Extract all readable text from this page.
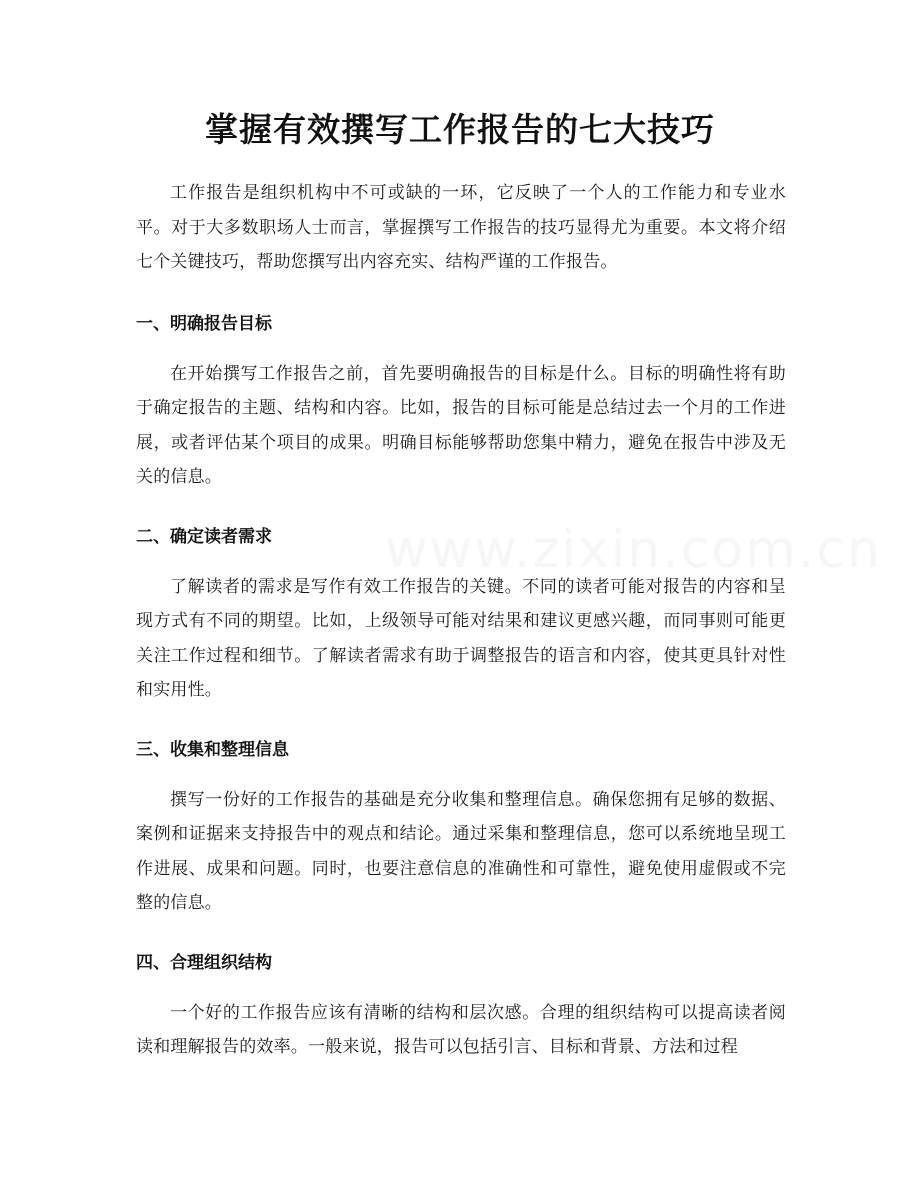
掌握有效撰写工作报告的七大技巧

工作报告是组织机构中不可或缺的一环，它反映了一个人的工作能力和专业水平。对于大多数职场人士而言，掌握撰写工作报告的技巧显得尤为重要。本文将介绍七个关键技巧，帮助您撰写出内容充实、结构严谨的工作报告。

一、明确报告目标

在开始撰写工作报告之前，首先要明确报告的目标是什么。目标的明确性将有助于确定报告的主题、结构和内容。比如，报告的目标可能是总结过去一个月的工作进展，或者评估某个项目的成果。明确目标能够帮助您集中精力，避免在报告中涉及无关的信息。

二、确定读者需求

了解读者的需求是写作有效工作报告的关键。不同的读者可能对报告的内容和呈现方式有不同的期望。比如，上级领导可能对结果和建议更感兴趣，而同事则可能更关注工作过程和细节。了解读者需求有助于调整报告的语言和内容，使其更具针对性和实用性。

三、收集和整理信息

撰写一份好的工作报告的基础是充分收集和整理信息。确保您拥有足够的数据、案例和证据来支持报告中的观点和结论。通过采集和整理信息，您可以系统地呈现工作进展、成果和问题。同时，也要注意信息的准确性和可靠性，避免使用虚假或不完整的信息。

四、合理组织结构

一个好的工作报告应该有清晰的结构和层次感。合理的组织结构可以提高读者阅读和理解报告的效率。一般来说，报告可以包括引言、目标和背景、方法和过程

www.zixin.com.cn
